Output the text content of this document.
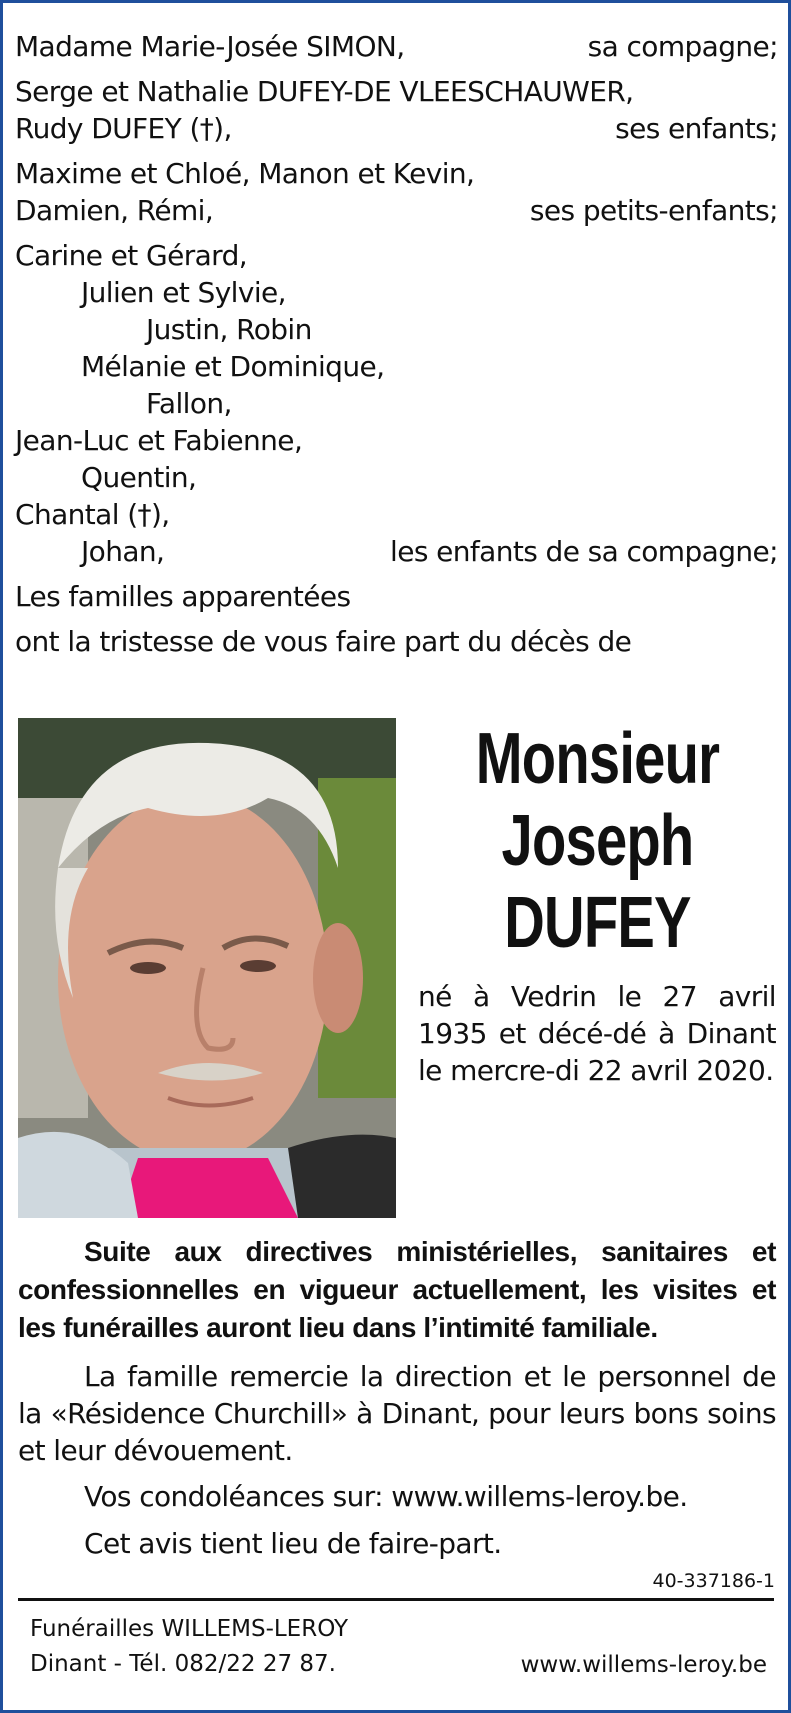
Madame Marie-Josée SIMON,	sa compagne;
Serge et Nathalie DUFEY-DE VLEESCHAUWER,
Rudy DUFEY (†),	ses enfants;
Maxime et Chloé, Manon et Kevin,
Damien, Rémi,	ses petits-enfants;
Carine et Gérard,
Julien et Sylvie,
Justin, Robin
Mélanie et Dominique,
Fallon,
Jean-Luc et Fabienne,
Quentin,
Chantal (†),
Johan,	les enfants de sa compagne;
Les familles apparentées
ont la tristesse de vous faire part du décès de
Monsieur
Joseph
DUFEY
né à Vedrin le 27 avril 1935 et décé-dé à Dinant le mercre-di 22 avril 2020.
Suite aux directives ministérielles, sanitaires et confessionnelles en vigueur actuellement, les visites et les funérailles auront lieu dans l’intimité familiale.
La famille remercie la direction et le personnel de la «Résidence Churchill» à Dinant, pour leurs bons soins et leur dévouement.
Vos condoléances sur: www.willems-leroy.be.
Cet avis tient lieu de faire-part.
40-337186-1
Funérailles WILLEMS-LEROY
Dinant - Tél. 082/22 27 87.	www.willems-leroy.be
